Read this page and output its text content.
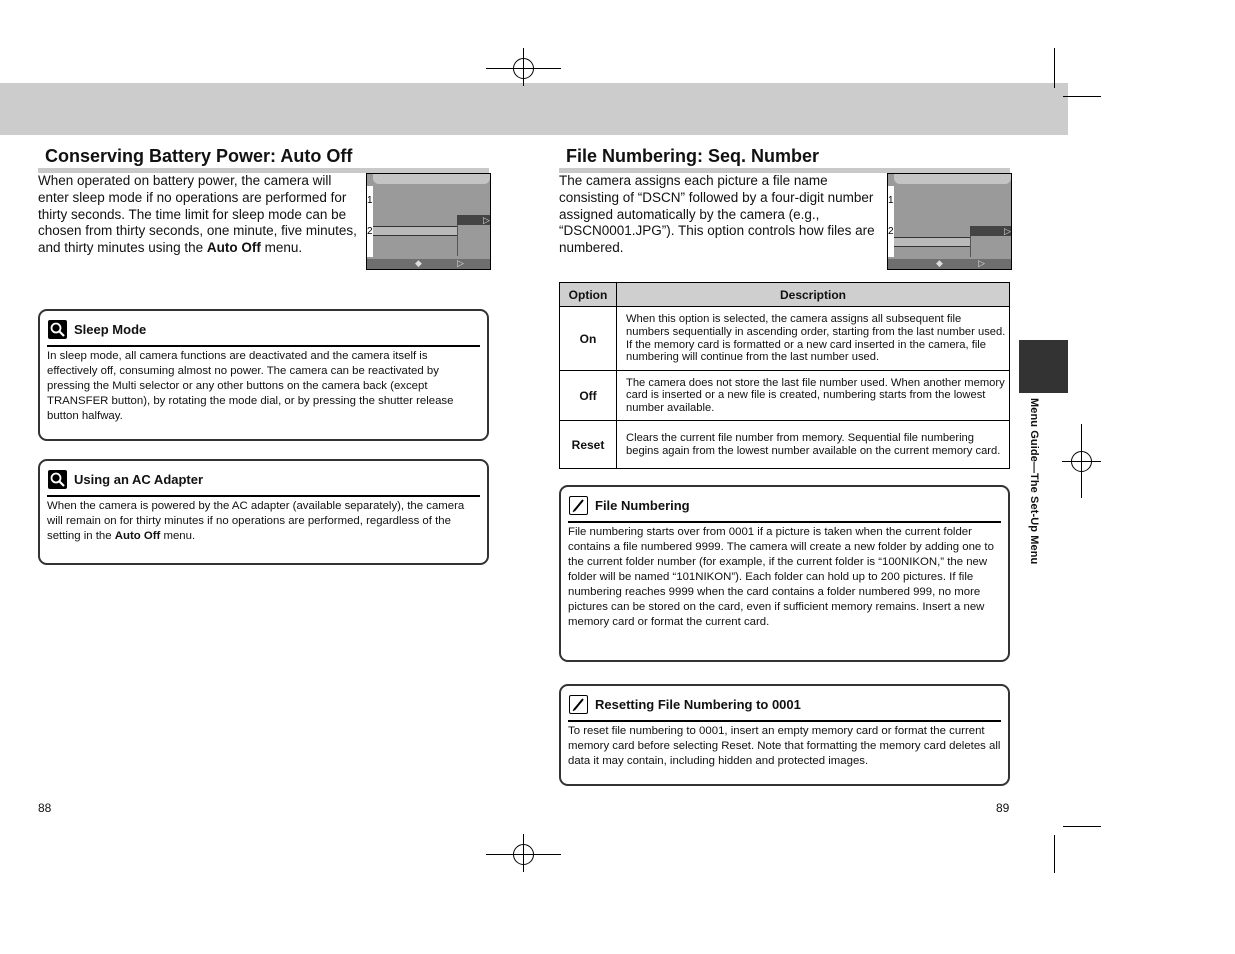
Menu Guide—The Set-Up Menu
Conserving Battery Power: Auto Off
When operated on battery power, the camera will enter sleep mode if no operations are performed for thirty seconds. The time limit for sleep mode can be chosen from thirty seconds, one minute, five minutes, and thirty minutes using the Auto Off menu.
1
2
▷
◆	▷
Sleep Mode
In sleep mode, all camera functions are deactivated and the camera itself is effectively off, consuming almost no power. The camera can be reactivated by pressing the Multi selector or any other buttons on the camera back (except TRANSFER button), by rotating the mode dial, or by pressing the shutter release button halfway.
Using an AC Adapter
When the camera is powered by the AC adapter (available separately), the camera will remain on for thirty minutes if no operations are performed, regardless of the setting in the Auto Off menu.
88
File Numbering: Seq. Number
The camera assigns each picture a file name consisting of “DSCN” followed by a four-digit number assigned automatically by the camera (e.g., “DSCN0001.JPG”). This option controls how files are numbered.
1
2	▷
◆	▷
Option	Description
On	When this option is selected, the camera assigns all subsequent file numbers sequentially in ascending order, starting from the last number used. If the memory card is formatted or a new card inserted in the camera, file numbering will continue from the last number used.
Off	The camera does not store the last file number used. When another memory card is inserted or a new file is created, numbering starts from the lowest number available.
Reset	Clears the current file number from memory. Sequential file numbering begins again from the lowest number available on the current memory card.
File Numbering
File numbering starts over from 0001 if a picture is taken when the current folder contains a file numbered 9999. The camera will create a new folder by adding one to the current folder number (for example, if the current folder is “100NIKON,” the new folder will be named “101NIKON”). Each folder can hold up to 200 pictures. If file numbering reaches 9999 when the card contains a folder numbered 999, no more pictures can be stored on the card, even if sufficient memory remains. Insert a new memory card or format the current card.
Resetting File Numbering to 0001
To reset file numbering to 0001, insert an empty memory card or format the current memory card before selecting Reset. Note that formatting the memory card deletes all data it may contain, including hidden and protected images.
89
